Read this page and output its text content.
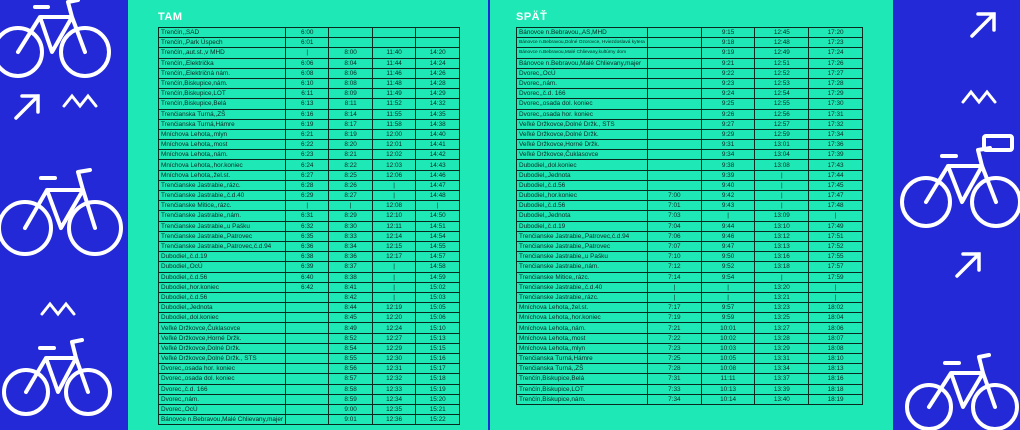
TAM
Trenčín,,SAD	6:00			
Trenčín,,Park Úspech	6:01			
Trenčín,,aut.st.,v MHD	|	8:00	11:40	14:20
Trenčín,,Električka	6:06	8:04	11:44	14:24
Trenčín,,Električná nám.	6:08	8:06	11:46	14:26
Trenčín,Biskupice,nám.	6:10	8:08	11:48	14:28
Trenčín,Biskupice,LOT	6:11	8:09	11:49	14:29
Trenčín,Biskupice,Belá	6:13	8:11	11:52	14:32
Trenčianska Turná,,ZŠ	6:16	8:14	11:55	14:35
Trenčianska Turná,Hámre	6:19	8:17	11:58	14:38
Mníchova Lehota,,mlyn	6:21	8:19	12:00	14:40
Mníchova Lehota,,most	6:22	8:20	12:01	14:41
Mníchova Lehota,,nám.	6:23	8:21	12:02	14:42
Mníchova Lehota,,hor.koniec	6:24	8:22	12:03	14:43
Mníchova Lehota,,žel.st.	6:27	8:25	12:06	14:46
Trenčianske Jastrabie,,rázc.	6:28	8:26	|	14:47
Trenčianske Jastrabie,,č.d.40	6:29	8:27	|	14:48
Trenčianske Mitice,,rázc.	|	|	12:08	|
Trenčianske Jastrabie,,nám.	6:31	8:29	12:10	14:50
Trenčianske Jastrabie,,u Pašku	6:32	8:30	12:11	14:51
Trenčianske Jastrabie,,Patrovec	6:35	8:33	12:14	14:54
Trenčianske Jastrabie,,Patrovec,č.d.94	6:36	8:34	12:15	14:55
Dubodiel,,č.d.19	6:38	8:36	12:17	14:57
Dubodiel,,OcÚ	6:39	8:37	|	14:58
Dubodiel,,č.d.56	6:40	8:38	|	14:59
Dubodiel,,hor.koniec	6:42	8:41	|	15:02
Dubodiel,,č.d.56		8:42	|	15:03
Dubodiel,,Jednota		8:44	12:19	15:05
Dubodiel,,dol.koniec		8:45	12:20	15:06
Veľké Držkovce,Čuklasovce		8:49	12:24	15:10
Veľké Držkovce,Horné Držk.		8:52	12:27	15:13
Veľké Držkovce,Dolné Držk.		8:54	12:29	15:15
Veľké Držkovce,Dolné Držk., STS		8:55	12:30	15:16
Dvorec,,osada hor. koniec		8:56	12:31	15:17
Dvorec,,osada dol. koniec		8:57	12:32	15:18
Dvorec,,č.d. 166		8:58	12:33	15:19
Dvorec,,nám.		8:59	12:34	15:20
Dvorec,,OcÚ		9:00	12:35	15:21
Bánovce n.Bebravou,Malé Chlievany,majer		9:01	12:36	15:22
SPÄŤ
Bánovce n.Bebravou,,AS,MHD		9:15	12:45	17:20
Bánovce n.Bebravou,Dolné Ozorovce, Hviezdoslavá kytera		9:18	12:48	17:23
Bánovce n.Bebravou,Malé Chlievany,kultúrny dom		9:19	12:49	17:24
Bánovce n.Bebravou,Malé Chlievany,majer		9:21	12:51	17:26
Dvorec,,OcÚ		9:22	12:52	17:27
Dvorec,,nám.		9:23	12:53	17:28
Dvorec,,č.d. 166		9:24	12:54	17:29
Dvorec,,osada dol. koniec		9:25	12:55	17:30
Dvorec,,osada hor. koniec		9:26	12:56	17:31
Veľké Držkovce,Dolné Držk., STS		9:27	12:57	17:32
Veľké Držkovce,Dolné Držk.		9:29	12:59	17:34
Veľké Držkovce,Horné Držk.		9:31	13:01	17:36
Veľké Držkovce,Čuklasovce		9:34	13:04	17:39
Dubodiel,,dol.koniec		9:38	13:08	17:43
Dubodiel,,Jednota		9:39	|	17:44
Dubodiel,,č.d.56		9:40	|	17:45
Dubodiel,,hor.koniec	7:00	9:42	|	17:47
Dubodiel,,č.d.56	7:01	9:43	|	17:48
Dubodiel,,Jednota	7:03	|	13:09	|
Dubodiel,,č.d.19	7:04	9:44	13:10	17:49
Trenčianske Jastrabie,,Patrovec,č.d.94	7:06	9:46	13:12	17:51
Trenčianske Jastrabie,,Patrovec	7:07	9:47	13:13	17:52
Trenčianske Jastrabie,,u Pašku	7:10	9:50	13:16	17:55
Trenčianske Jastrabie,,nám.	7:12	9:52	13:18	17:57
Trenčianske Mitice,,rázc.	7:14	9:54	|	17:59
Trenčianske Jastrabie,,č.d.40	|	|	13:20	|
Trenčianske Jastrabie,,rázc.	|	|	13:21	|
Mníchova Lehota,,žel.st.	7:17	9:57	13:23	18:02
Mníchova Lehota,,hor.koniec	7:19	9:59	13:25	18:04
Mníchova Lehota,,nám.	7:21	10:01	13:27	18:06
Mníchova Lehota,,most	7:22	10:02	13:28	18:07
Mníchova Lehota,,mlyn	7:23	10:03	13:29	18:08
Trenčianska Turná,Hámre	7:25	10:05	13:31	18:10
Trenčianska Turná,,ZŠ	7:28	10:08	13:34	18:13
Trenčín,Biskupice,Belá	7:31	11:11	13:37	18:16
Trenčín,Biskupice,LOT	7:33	10:13	13:39	18:18
Trenčín,Biskupice,nám.	7:34	10:14	13:40	18:19
